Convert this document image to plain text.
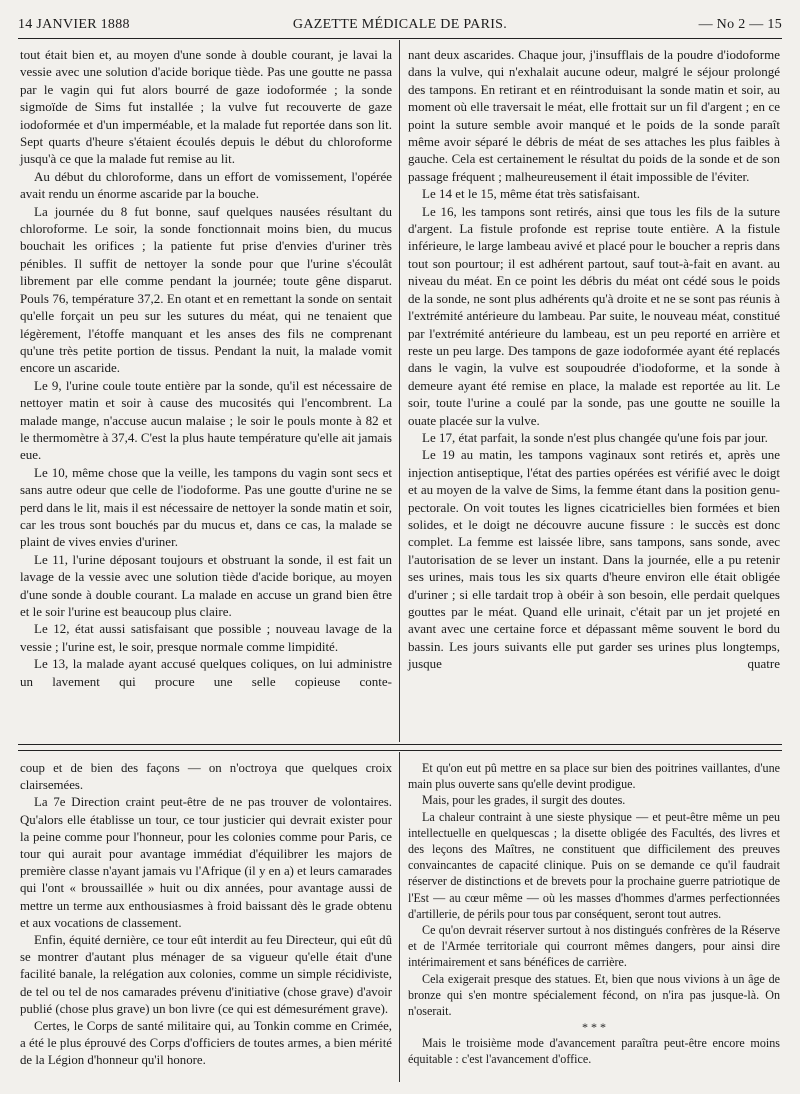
14 JANVIER 1888	GAZETTE MÉDICALE DE PARIS.	— No 2 — 15

tout était bien et, au moyen d'une sonde à double courant, je lavai la vessie avec une solution d'acide borique tiède. Pas une goutte ne passa par le vagin qui fut alors bourré de gaze iodoformée ; la sonde sigmoïde de Sims fut installée ; la vulve fut recouverte de gaze iodoformée et d'un imperméable, et la malade fut reportée dans son lit. Sept quarts d'heure s'étaient écoulés depuis le début du chloroforme jusqu'à ce que la malade fut remise au lit.

Au début du chloroforme, dans un effort de vomissement, l'opérée avait rendu un énorme ascaride par la bouche.

La journée du 8 fut bonne, sauf quelques nausées résultant du chloroforme. Le soir, la sonde fonctionnait moins bien, du mucus bouchait les orifices ; la patiente fut prise d'envies d'uriner très pénibles. Il suffit de nettoyer la sonde pour que l'urine s'écoulât librement par elle comme pendant la journée; toute gêne disparut. Pouls 76, température 37,2. En otant et en remettant la sonde on sentait qu'elle forçait un peu sur les sutures du méat, qui ne tenaient que légèrement, l'étoffe manquant et les anses des fils ne comprenant qu'une très petite portion de tissus. Pendant la nuit, la malade vomit encore un ascaride.

Le 9, l'urine coule toute entière par la sonde, qu'il est nécessaire de nettoyer matin et soir à cause des mucosités qui l'encombrent. La malade mange, n'accuse aucun malaise ; le soir le pouls monte à 82 et le thermomètre à 37,4. C'est la plus haute température qu'elle ait jamais eue.

Le 10, même chose que la veille, les tampons du vagin sont secs et sans autre odeur que celle de l'iodoforme. Pas une goutte d'urine ne se perd dans le lit, mais il est nécessaire de nettoyer la sonde matin et soir, car les trous sont bouchés par du mucus et, dans ce cas, la malade se plaint de vives envies d'uriner.

Le 11, l'urine déposant toujours et obstruant la sonde, il est fait un lavage de la vessie avec une solution tiède d'acide borique, au moyen d'une sonde à double courant. La malade en accuse un grand bien être et le soir l'urine est beaucoup plus claire.

Le 12, état aussi satisfaisant que possible ; nouveau lavage de la vessie ; l'urine est, le soir, presque normale comme limpidité.

Le 13, la malade ayant accusé quelques coliques, on lui administre un lavement qui procure une selle copieuse conte-

nant deux ascarides. Chaque jour, j'insufflais de la poudre d'iodoforme dans la vulve, qui n'exhalait aucune odeur, malgré le séjour prolongé des tampons. En retirant et en réintroduisant la sonde matin et soir, au moment où elle traversait le méat, elle frottait sur un fil d'argent ; en ce point la suture semble avoir manqué et le poids de la sonde paraît même avoir séparé le débris de méat de ses attaches les plus faibles à gauche. Cela est certainement le résultat du poids de la sonde et de son passage fréquent ; malheureusement il était impossible de l'éviter.

Le 14 et le 15, même état très satisfaisant.

Le 16, les tampons sont retirés, ainsi que tous les fils de la suture d'argent. La fistule profonde est reprise toute entière. A la fistule inférieure, le large lambeau avivé et placé pour le boucher a repris dans tout son pourtour; il est adhérent partout, sauf tout-à-fait en avant. au niveau du méat. En ce point les débris du méat ont cédé sous le poids de la sonde, ne sont plus adhérents qu'à droite et ne se sont pas réunis à l'extrémité antérieure du lambeau. Par suite, le nouveau méat, constitué par l'extrémité antérieure du lambeau, est un peu reporté en arrière et reste un peu large. Des tampons de gaze iodoformée ayant été replacés dans le vagin, la vulve est soupoudrée d'iodoforme, et la sonde à demeure ayant été remise en place, la malade est reportée au lit. Le soir, toute l'urine a coulé par la sonde, pas une goutte ne souille la ouate placée sur la vulve.

Le 17, état parfait, la sonde n'est plus changée qu'une fois par jour.

Le 19 au matin, les tampons vaginaux sont retirés et, après une injection antiseptique, l'état des parties opérées est vérifié avec le doigt et au moyen de la valve de Sims, la femme étant dans la position genu-pectorale. On voit toutes les lignes cicatricielles bien formées et bien solides, et le doigt ne découvre aucune fissure : le succès est donc complet. La femme est laissée libre, sans tampons, sans sonde, avec l'autorisation de se lever un instant. Dans la journée, elle a pu retenir ses urines, mais tous les six quarts d'heure environ elle était obligée d'uriner ; si elle tardait trop à obéir à son besoin, elle perdait quelques gouttes par le méat. Quand elle urinait, c'était par un jet projeté en avant avec une certaine force et dépassant même souvent le bord du bassin. Les jours suivants elle put garder ses urines plus longtemps, jusque quatre

coup et de bien des façons — on n'octroya que quelques croix clairsemées.

La 7e Direction craint peut-être de ne pas trouver de volontaires. Qu'alors elle établisse un tour, ce tour justicier qui devrait exister pour la peine comme pour l'honneur, pour les colonies comme pour Paris, ce tour qui aurait pour avantage immédiat d'équilibrer les majors de première classe n'ayant jamais vu l'Afrique (il y en a) et leurs camarades qui l'ont « broussaillée » huit ou dix années, pour avantage aussi de mettre un terme aux enthousiasmes à froid baissant dès le grade obtenu et aux vocations de classement.

Enfin, équité dernière, ce tour eût interdit au feu Directeur, qui eût dû se montrer d'autant plus ménager de sa vigueur qu'elle était d'une facilité banale, la relégation aux colonies, comme un simple récidiviste, de tel ou tel de nos camarades prévenu d'initiative (chose grave) d'avoir publié (chose plus grave) un bon livre (ce qui est démesurément grave).

Certes, le Corps de santé militaire qui, au Tonkin comme en Crimée, a été le plus éprouvé des Corps d'officiers de toutes armes, a bien mérité de la Légion d'honneur qu'il honore.

Et qu'on eut pû mettre en sa place sur bien des poitrines vaillantes, d'une main plus ouverte sans qu'elle devint prodigue.

Mais, pour les grades, il surgit des doutes.

La chaleur contraint à une sieste physique — et peut-être même un peu intellectuelle en quelquescas ; la disette obligée des Facultés, des livres et des leçons des Maîtres, ne constituent que difficilement des preuves convaincantes de capacité clinique. Puis on se demande ce qu'il faudrait réserver de distinctions et de brevets pour la prochaine guerre patriotique de l'Est — au cœur même — où les masses d'hommes d'armes perfectionnées d'artillerie, de périls pour tous par conséquent, seront tout autres.

Ce qu'on devrait réserver surtout à nos distingués confrères de la Réserve et de l'Armée territoriale qui courront mêmes dangers, pour ainsi dire intérimairement et sans bénéfices de carrière.

Cela exigerait presque des statues. Et, bien que nous vivions à un âge de bronze qui s'en montre spécialement fécond, on n'ira pas jusque-là. On n'oserait.

* * *

Mais le troisième mode d'avancement paraîtra peut-être encore moins équitable : c'est l'avancement d'office.
